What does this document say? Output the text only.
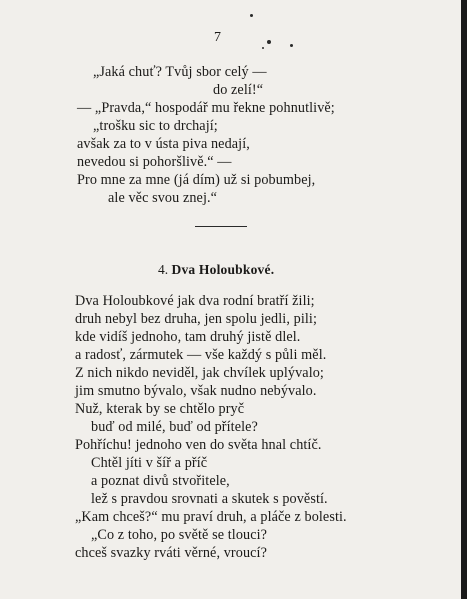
7
„Jaká chuť? Tvůj sbor celý —
do zelí!“
— „Pravda,“ hospodář mu řekne pohnutlivě;
„trošku sic to drchají;
avšak za to v ústa piva nedají,
nevedou si pohoršlivě.“ —
Pro mne za mne (já dím) už si pobumbej,
ale věc svou znej.“
4. Dva Holoubkové.
Dva Holoubkové jak dva rodní bratří žili;
druh nebyl bez druha, jen spolu jedli, pili;
kde vidíš jednoho, tam druhý jistě dlel.
a radosť, zármutek — vše každý s půli měl.
Z nich nikdo neviděl, jak chvílek uplývalo;
jim smutno bývalo, však nudno nebývalo.
Nuž, kterak by se chtělo pryč
buď od milé, buď od přítele?
Pohříchu! jednoho ven do světa hnal chtíč.
Chtěl jíti v šíř a příč
a poznat divů stvořitele,
lež s pravdou srovnati a skutek s pověstí.
„Kam chceš?“ mu praví druh, a pláče z bolesti.
„Co z toho, po světě se tlouci?
chceš svazky rváti věrné, vroucí?
